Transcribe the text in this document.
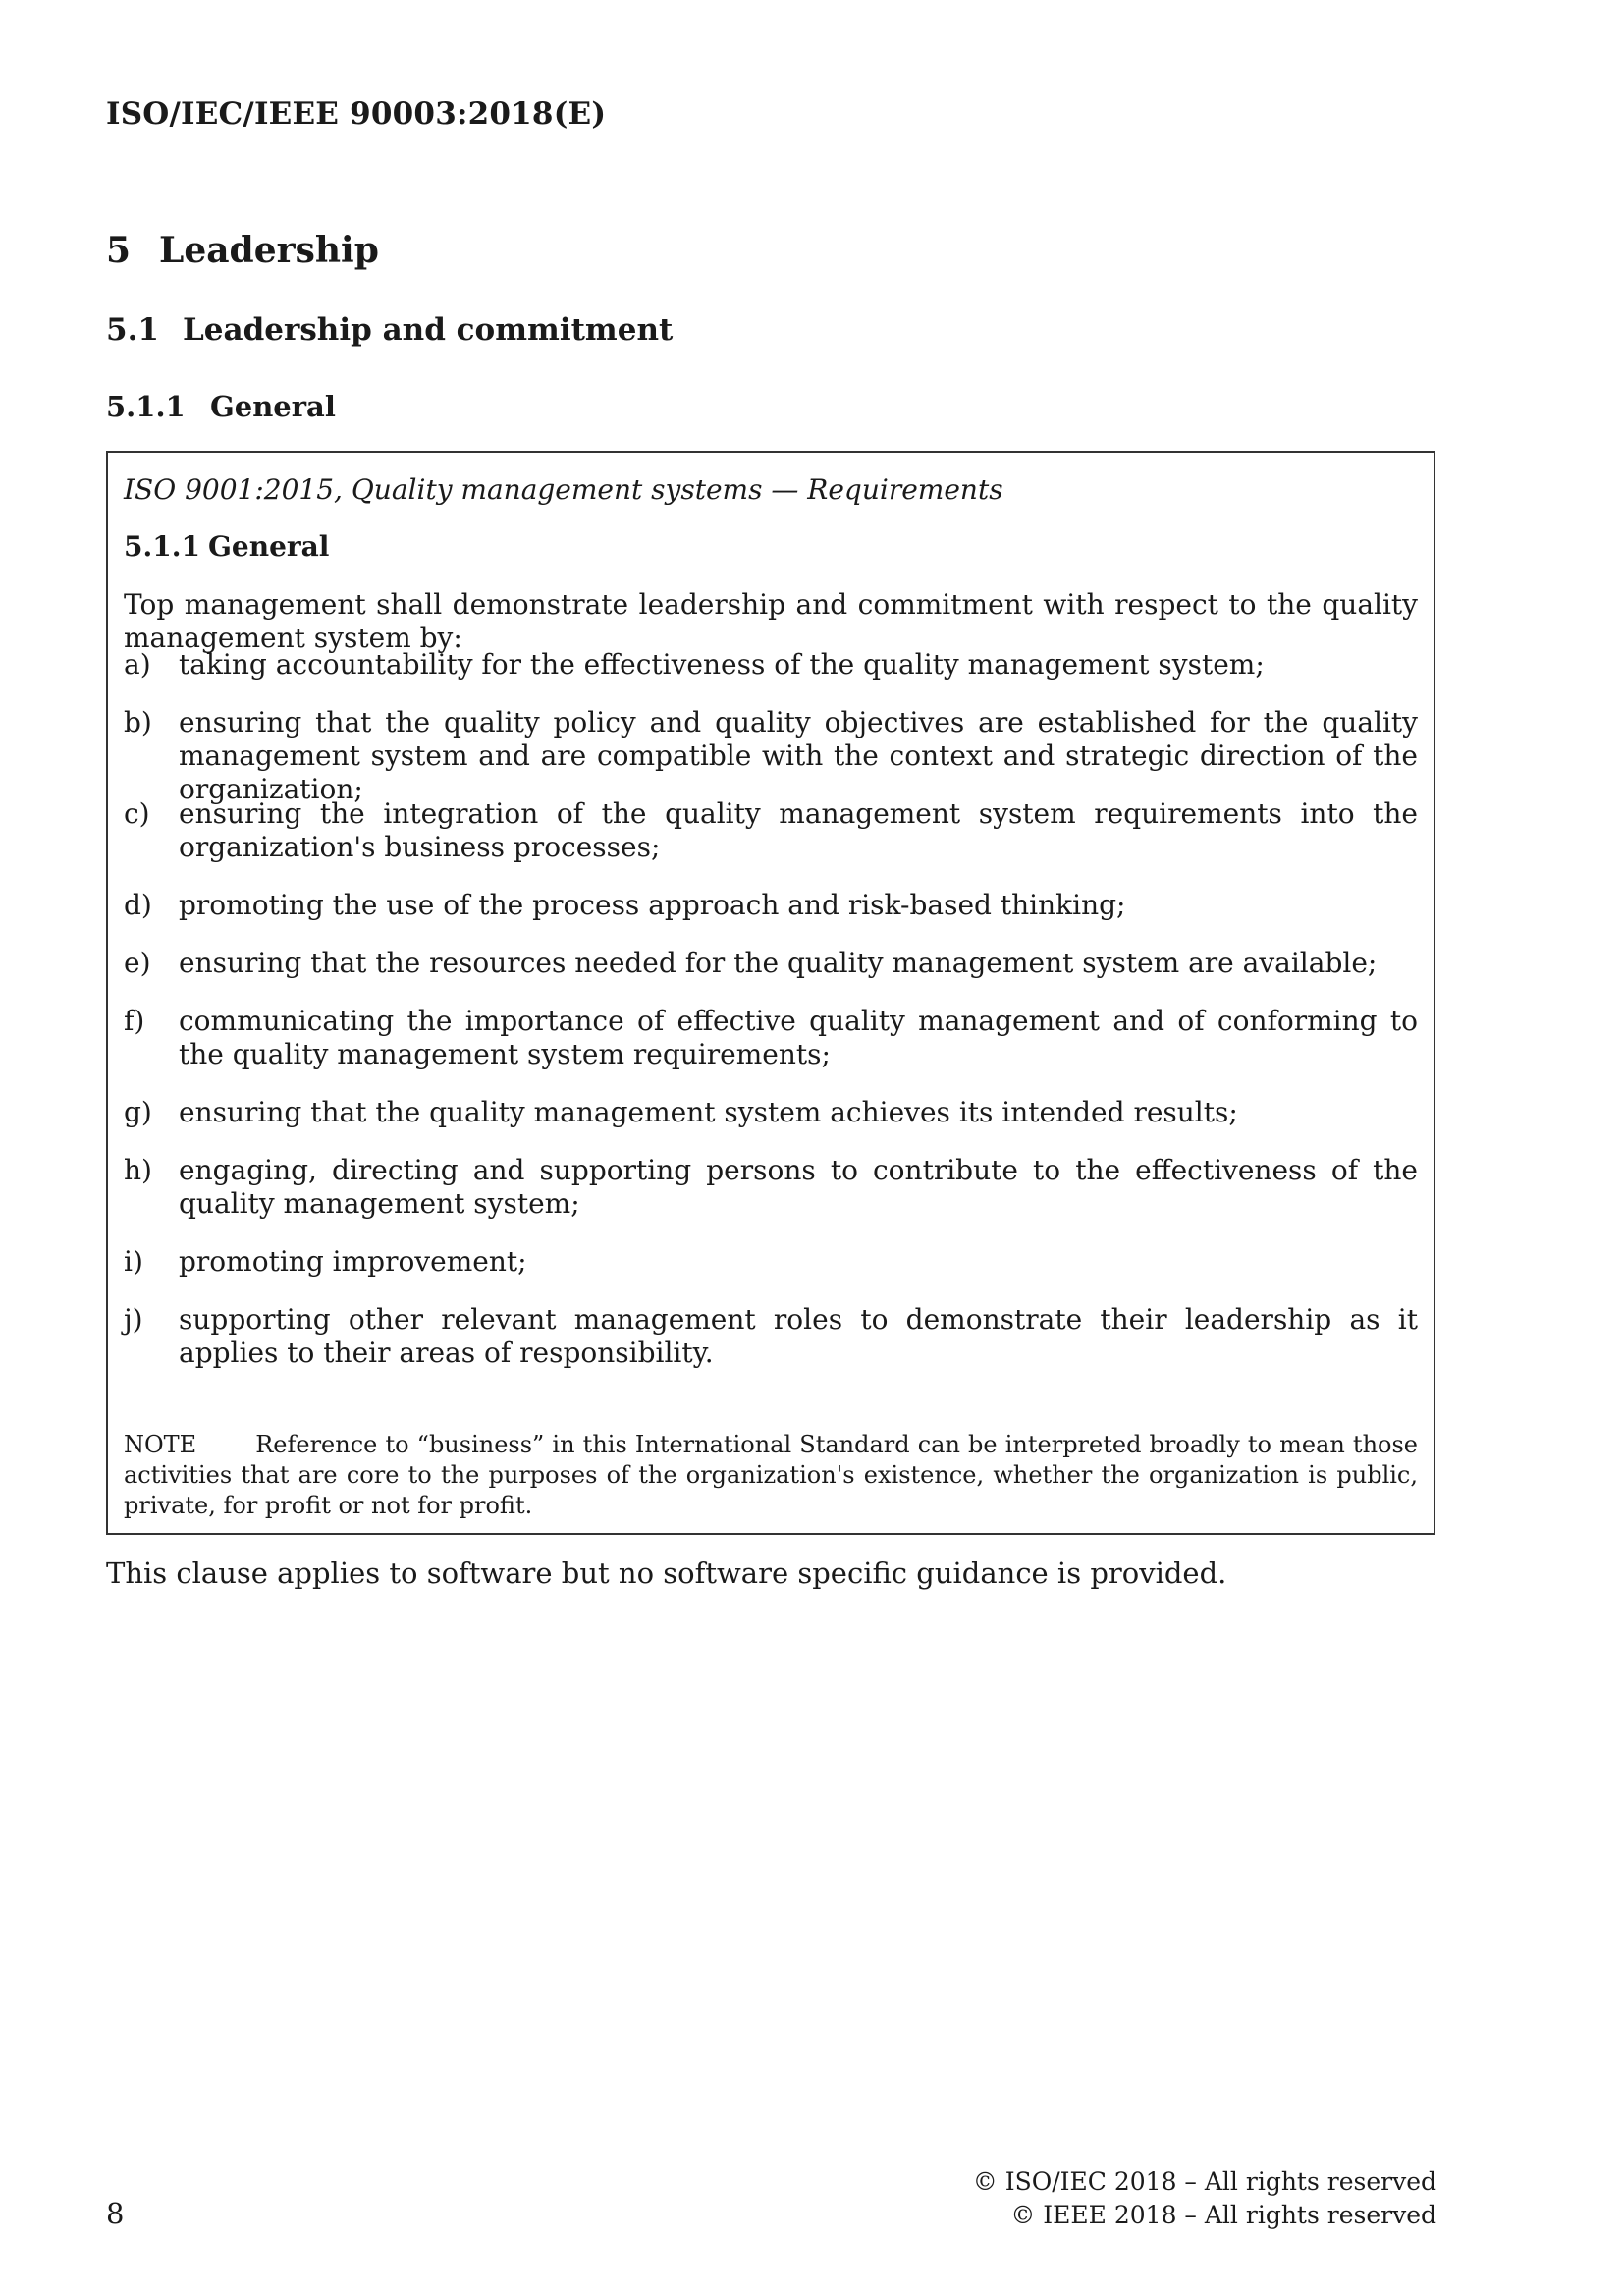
ISO/IEC/IEEE 90003:2018(E)
5 Leadership
5.1 Leadership and commitment
5.1.1 General
ISO 9001:2015, Quality management systems — Requirements
5.1.1 General
Top management shall demonstrate leadership and commitment with respect to the quality management system by:
a) taking accountability for the effectiveness of the quality management system;
b) ensuring that the quality policy and quality objectives are established for the quality management system and are compatible with the context and strategic direction of the organization;
c) ensuring the integration of the quality management system requirements into the organization's business processes;
d) promoting the use of the process approach and risk-based thinking;
e) ensuring that the resources needed for the quality management system are available;
f) communicating the importance of effective quality management and of conforming to the quality management system requirements;
g) ensuring that the quality management system achieves its intended results;
h) engaging, directing and supporting persons to contribute to the effectiveness of the quality management system;
i) promoting improvement;
j) supporting other relevant management roles to demonstrate their leadership as it applies to their areas of responsibility.
NOTE	Reference to “business” in this International Standard can be interpreted broadly to mean those activities that are core to the purposes of the organization's existence, whether the organization is public, private, for profit or not for profit.
This clause applies to software but no software specific guidance is provided.
8
© ISO/IEC 2018 – All rights reserved
© IEEE 2018 – All rights reserved
